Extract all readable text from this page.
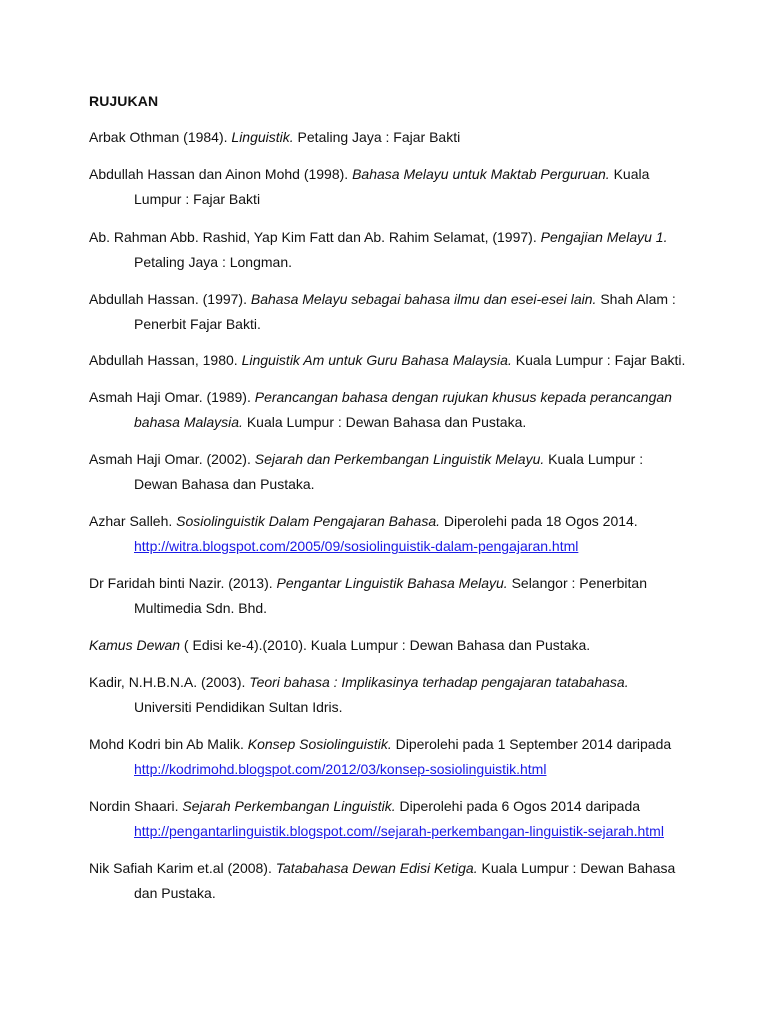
RUJUKAN
Arbak Othman (1984). Linguistik. Petaling Jaya : Fajar Bakti
Abdullah Hassan dan Ainon Mohd (1998). Bahasa Melayu untuk Maktab Perguruan. Kuala
Lumpur : Fajar Bakti
Ab. Rahman Abb. Rashid, Yap Kim Fatt dan Ab. Rahim Selamat, (1997). Pengajian Melayu 1.
Petaling Jaya : Longman.
Abdullah Hassan. (1997). Bahasa Melayu sebagai bahasa ilmu dan esei-esei lain. Shah Alam :
Penerbit Fajar Bakti.
Abdullah Hassan, 1980. Linguistik Am untuk Guru Bahasa Malaysia. Kuala Lumpur : Fajar Bakti.
Asmah Haji Omar. (1989). Perancangan bahasa dengan rujukan khusus kepada perancangan
bahasa Malaysia. Kuala Lumpur : Dewan Bahasa dan Pustaka.
Asmah Haji Omar. (2002). Sejarah dan Perkembangan Linguistik Melayu. Kuala Lumpur :
Dewan Bahasa dan Pustaka.
Azhar Salleh. Sosiolinguistik Dalam Pengajaran Bahasa. Diperolehi pada 18 Ogos 2014.
http://witra.blogspot.com/2005/09/sosiolinguistik-dalam-pengajaran.html
Dr Faridah binti Nazir. (2013). Pengantar Linguistik Bahasa Melayu. Selangor : Penerbitan
Multimedia Sdn. Bhd.
Kamus Dewan ( Edisi ke-4).(2010). Kuala Lumpur : Dewan Bahasa dan Pustaka.
Kadir, N.H.B.N.A. (2003). Teori bahasa : Implikasinya terhadap pengajaran tatabahasa.
Universiti Pendidikan Sultan Idris.
Mohd Kodri bin Ab Malik. Konsep Sosiolinguistik. Diperolehi pada 1 September 2014 daripada
http://kodrimohd.blogspot.com/2012/03/konsep-sosiolinguistik.html
Nordin Shaari. Sejarah Perkembangan Linguistik. Diperolehi pada 6 Ogos 2014 daripada
http://pengantarlinguistik.blogspot.com//sejarah-perkembangan-linguistik-sejarah.html
Nik Safiah Karim et.al (2008). Tatabahasa Dewan Edisi Ketiga. Kuala Lumpur : Dewan Bahasa
dan Pustaka.
